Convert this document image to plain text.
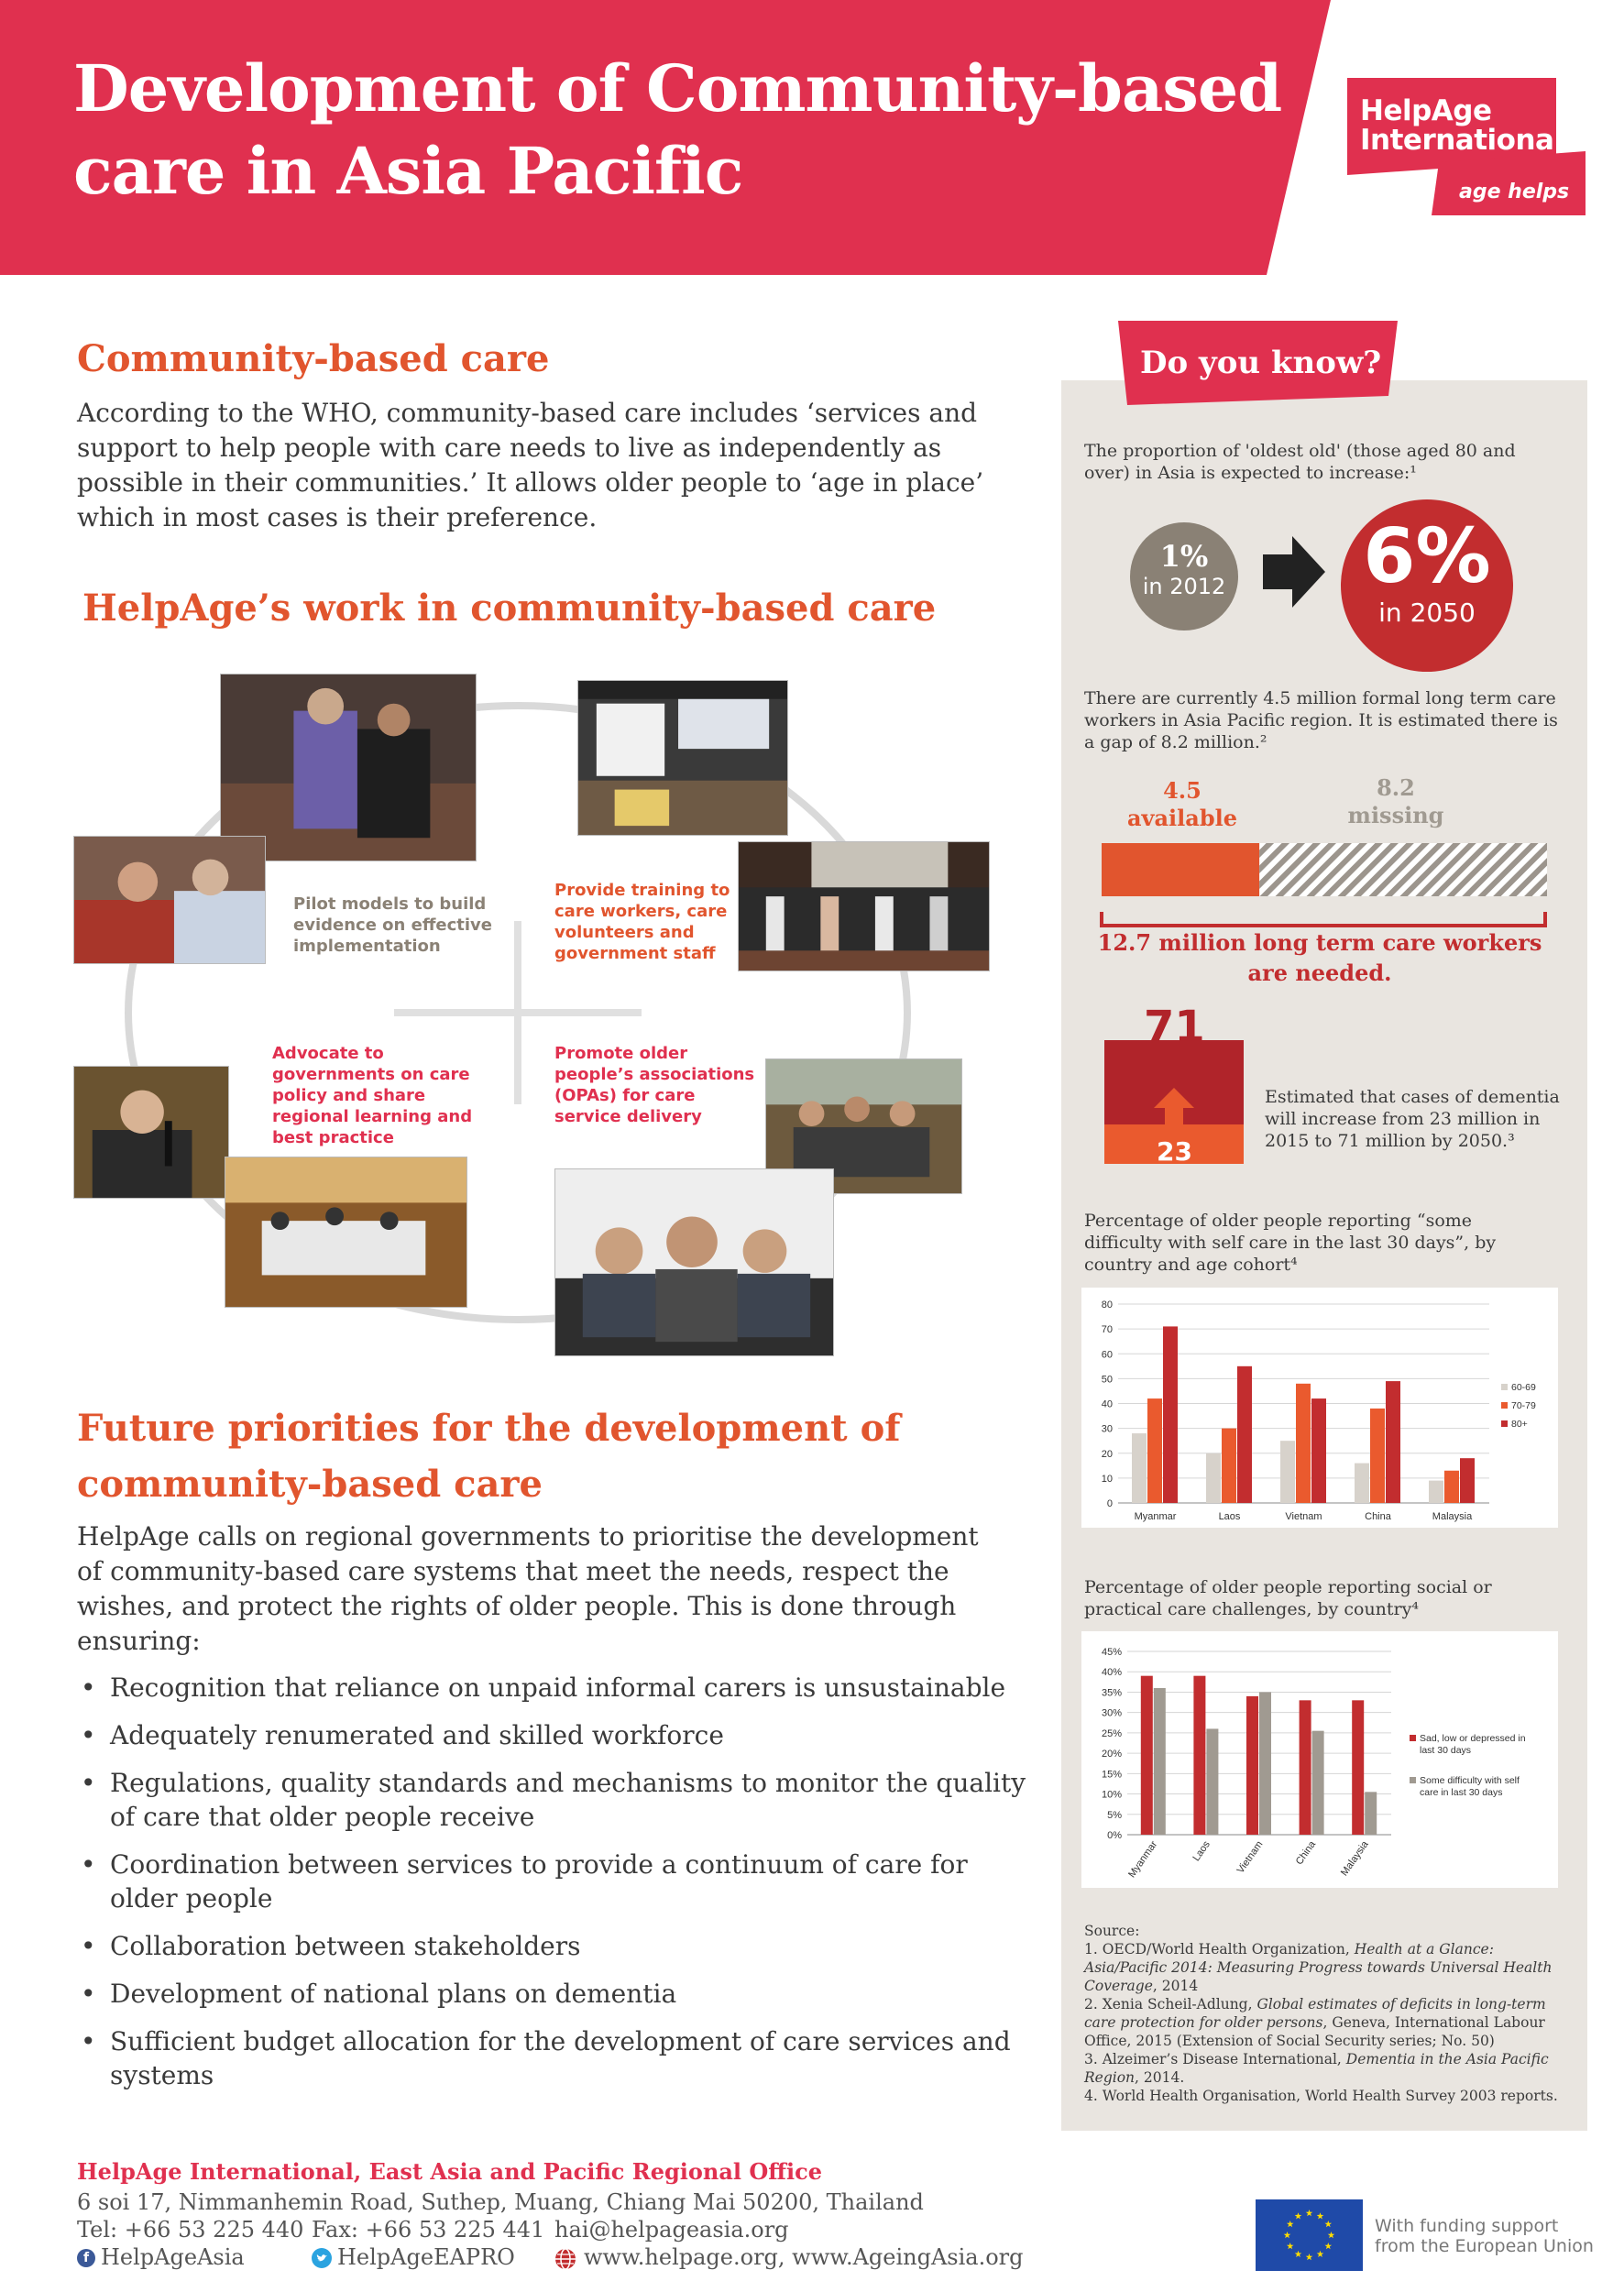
Development of Community-based
care in Asia Pacific
HelpAge
International
age helps
Community-based care

According to the WHO, community-based care includes ‘services and support to help people with care needs to live as independently as possible in their communities.’ It allows older people to ‘age in place’ which in most cases is their preference.

HelpAge’s work in community-based care
Pilot models to build evidence on effective implementation
Provide training to care workers, care volunteers and government staff
Advocate to governments on care policy and share regional learning and best practice
Promote older people’s associations (OPAs) for care service delivery
Future priorities for the development of
community-based care

HelpAge calls on regional governments to prioritise the development of community-based care systems that meet the needs, respect the wishes, and protect the rights of older people. This is done through ensuring:

• Recognition that reliance on unpaid informal carers is unsustainable
• Adequately renumerated and skilled workforce
• Regulations, quality standards and mechanisms to monitor the quality of care that older people receive
• Coordination between services to provide a continuum of care for older people
• Collaboration between stakeholders
• Development of national plans on dementia
• Sufficient budget allocation for the development of care services and systems
Do you know?

The proportion of 'oldest old' (those aged 80 and over) in Asia is expected to increase:¹

1%
in 2012 6%
in 2050

There are currently 4.5 million formal long term care workers in Asia Pacific region. It is estimated there is a gap of 8.2 million.²

4.5
available
8.2
missing
12.7 million long term care workers are needed.
71
23

Estimated that cases of dementia will increase from 23 million in 2015 to 71 million by 2050.³

Percentage of older people reporting “some difficulty with self care in the last 30 days”, by country and age cohort⁴

0
10
20
30
40
50
60
70
80
Myanmar	Laos	Vietnam	China	Malaysia
60-69
70-79
80+

Percentage of older people reporting social or practical care challenges, by country⁴

0%
5%
10%
15%
20%
25%
30%
35%
40%
45%
Myanmar	Laos Vietnam	China Malaysia
Sad, low or depressed in
last 30 days
Some difficulty with self
care in last 30 days
Source:
1. OECD/World Health Organization, Health at a Glance: Asia/Pacific 2014: Measuring Progress towards Universal Health Coverage, 2014
2. Xenia Scheil-Adlung, Global estimates of deficits in long-term care protection for older persons, Geneva, International Labour Office, 2015 (Extension of Social Security series; No. 50)
3. Alzeimer’s Disease International, Dementia in the Asia Pacific Region, 2014.
4. World Health Organisation, World Health Survey 2003 reports.
HelpAge International, East Asia and Pacific Regional Office
6 soi 17, Nimmanhemin Road, Suthep, Muang, Chiang Mai 50200, Thailand
Tel: +66 53 225 440 Fax: +66 53 225 441 hai@helpageasia.org
f HelpAgeAsia	HelpAgeEAPRO	www.helpage.org, www.AgeingAsia.org
With funding support
from the European Union
